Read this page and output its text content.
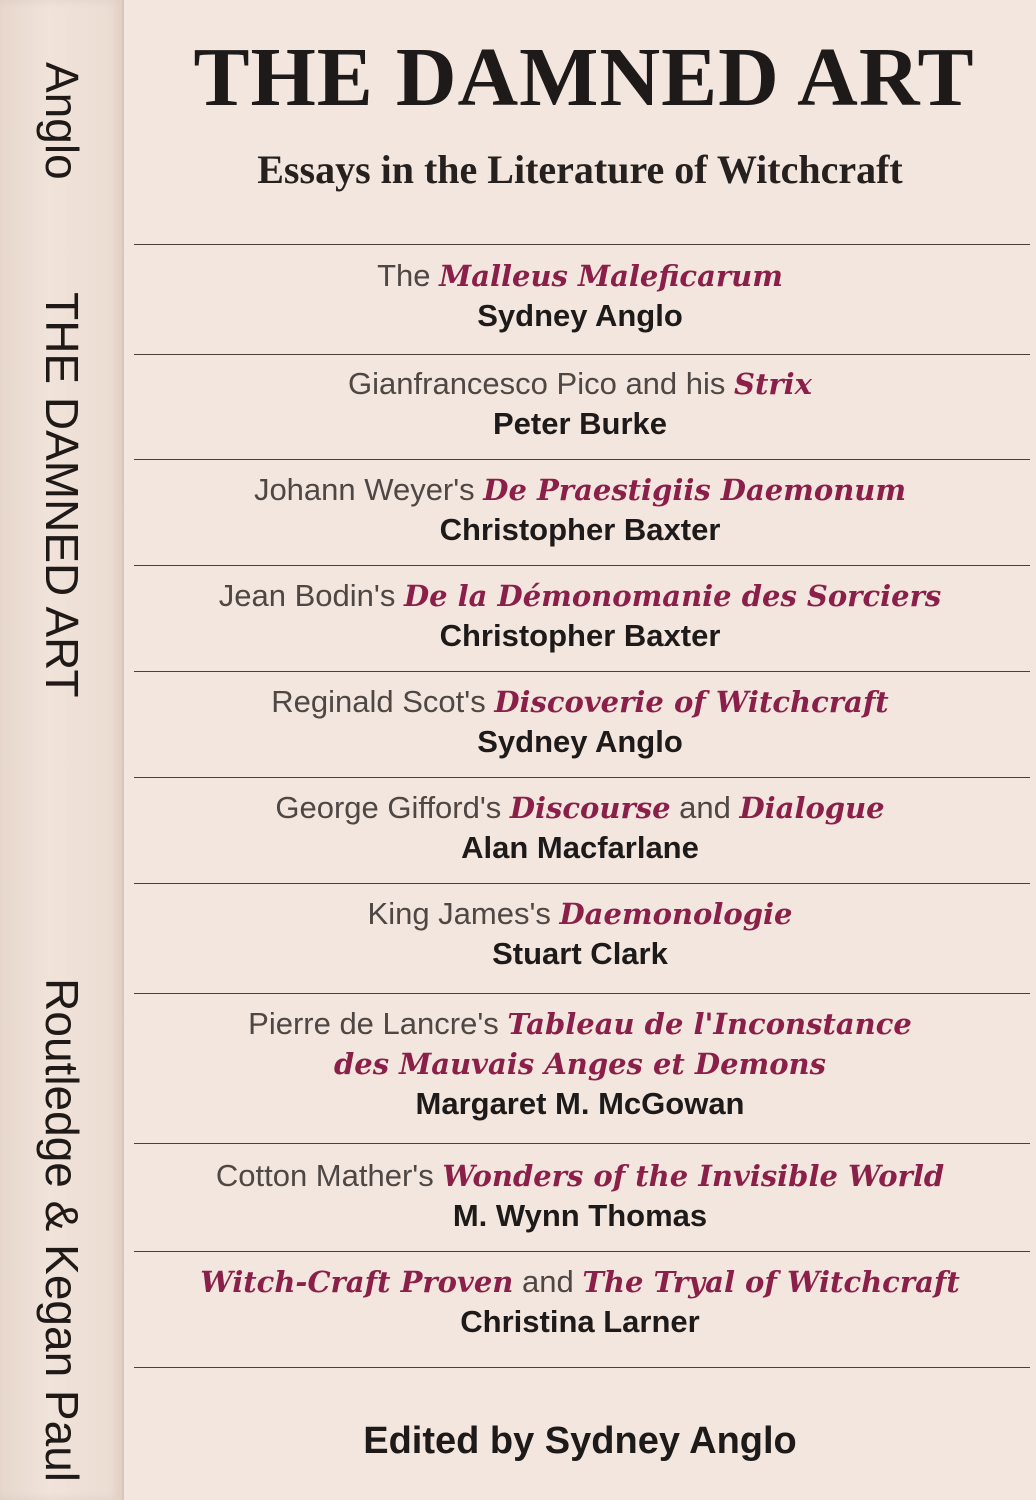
Anglo
THE DAMNED ART
Routledge & Kegan Paul
THE DAMNED ART
Essays in the Literature of Witchcraft
The Malleus Maleficarum
Sydney Anglo
Gianfrancesco Pico and his Strix
Peter Burke
Johann Weyer's De Praestigiis Daemonum
Christopher Baxter
Jean Bodin's De la Démonomanie des Sorciers
Christopher Baxter
Reginald Scot's Discoverie of Witchcraft
Sydney Anglo
George Gifford's Discourse and Dialogue
Alan Macfarlane
King James's Daemonologie
Stuart Clark
Pierre de Lancre's Tableau de l'Inconstance
des Mauvais Anges et Demons
Margaret M. McGowan
Cotton Mather's Wonders of the Invisible World
M. Wynn Thomas
Witch-Craft Proven and The Tryal of Witchcraft
Christina Larner
Edited by Sydney Anglo
